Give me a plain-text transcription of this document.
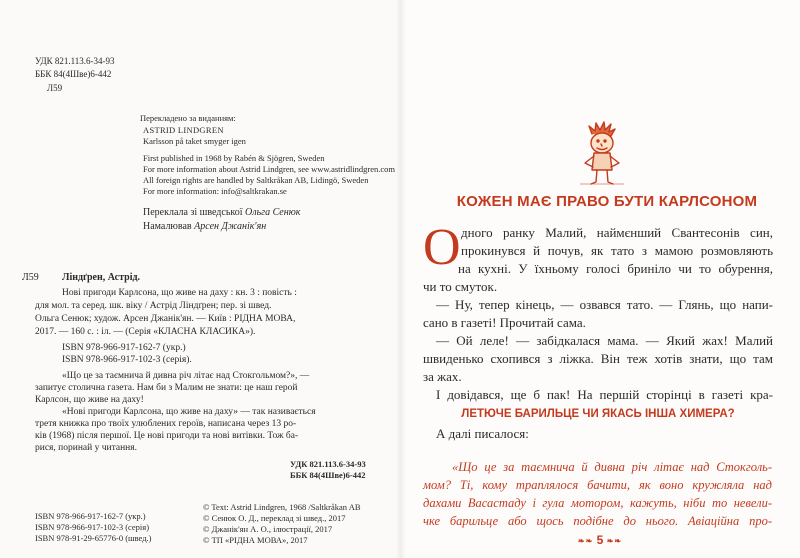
УДК 821.113.6-34-93
ББК 84(4Шве)6-442
Л59
Перекладено за виданням:
ASTRID LINDGREN
Karlsson på taket smyger igen
First published in 1968 by Rabén & Sjögren, Sweden
For more information about Astrid Lindgren, see www.astridlindgren.com
All foreign rights are handled by Saltkråkan AB, Lidingö, Sweden
For more information: info@saltkrakan.se
Переклала зі шведської Ольга Сенюк
Намалював Арсен Джанік'ян
Л59 Ліндґрен, Астрід.
Нові пригоди Карлсона, що живе на даху : кн. 3 : повість :
для мол. та серед. шк. віку / Астрід Ліндґрен; пер. зі швед.
Ольга Сенюк; худож. Арсен Джанік'ян. — Київ : РІДНА МОВА,
2017. — 160 с. : іл. — (Серія «КЛАСНА КЛАСИКА»).
ISBN 978-966-917-162-7 (укр.)
ISBN 978-966-917-102-3 (серія).
«Що це за таємнича й дивна річ літає над Стокгольмом?», —
запитує столична газета. Нам би з Малим не знати: це наш герой
Карлсон, що живе на даху!
«Нові пригоди Карлсона, що живе на даху» — так називається
третя книжка про твоїх улюблених героїв, написана через 13 ро-
ків (1968) після першої. Це нові пригоди та нові витівки. Тож ба-
рися, поринай у читання.
УДК 821.113.6-34-93
ББК 84(4Шве)6-442
ISBN 978-966-917-162-7 (укр.)
ISBN 978-966-917-102-3 (серія)
ISBN 978-91-29-65776-0 (швед.)
© Text: Astrid Lindgren, 1968 /Saltkråkan AB
© Сенюк О. Д., переклад зі швед., 2017
© Джанік'ян А. О., ілюстрації, 2017
© ТП «РІДНА МОВА», 2017
КОЖЕН МАЄ ПРАВО БУТИ КАРЛСОНОМ
О дного ранку Малий, наймєнший Свантесонів син,
прокинувся й почув, як тато з мамою розмовляють
на кухні. У їхньому голосі бриніло чи то обурення,
чи то смуток.
— Ну, тепер кінець, — озвався тато. — Глянь, що напи-
сано в газеті! Прочитай сама.
— Ой леле! — забідкалася мама. — Який жах! Малий
швиденько схопився з ліжка. Він теж хотів знати, що там
за жах.
І довідався, ще б пак! На першій сторінці в газеті кра-
ЛЕТЮЧЕ БАРИЛЬЦЕ ЧИ ЯКАСЬ ІНША ХИМЕРА?
А далі писалося:
«Що це за таємнича й дивна річ літає над Стокголь-
мом? Ті, кому траплялося бачити, як воно кружляла над
дахами Васастаду і гула мотором, кажуть, ніби то невели-
чке барильце або щось подібне до нього. Авіаційна про-
❧❧ 5 ❧❧
